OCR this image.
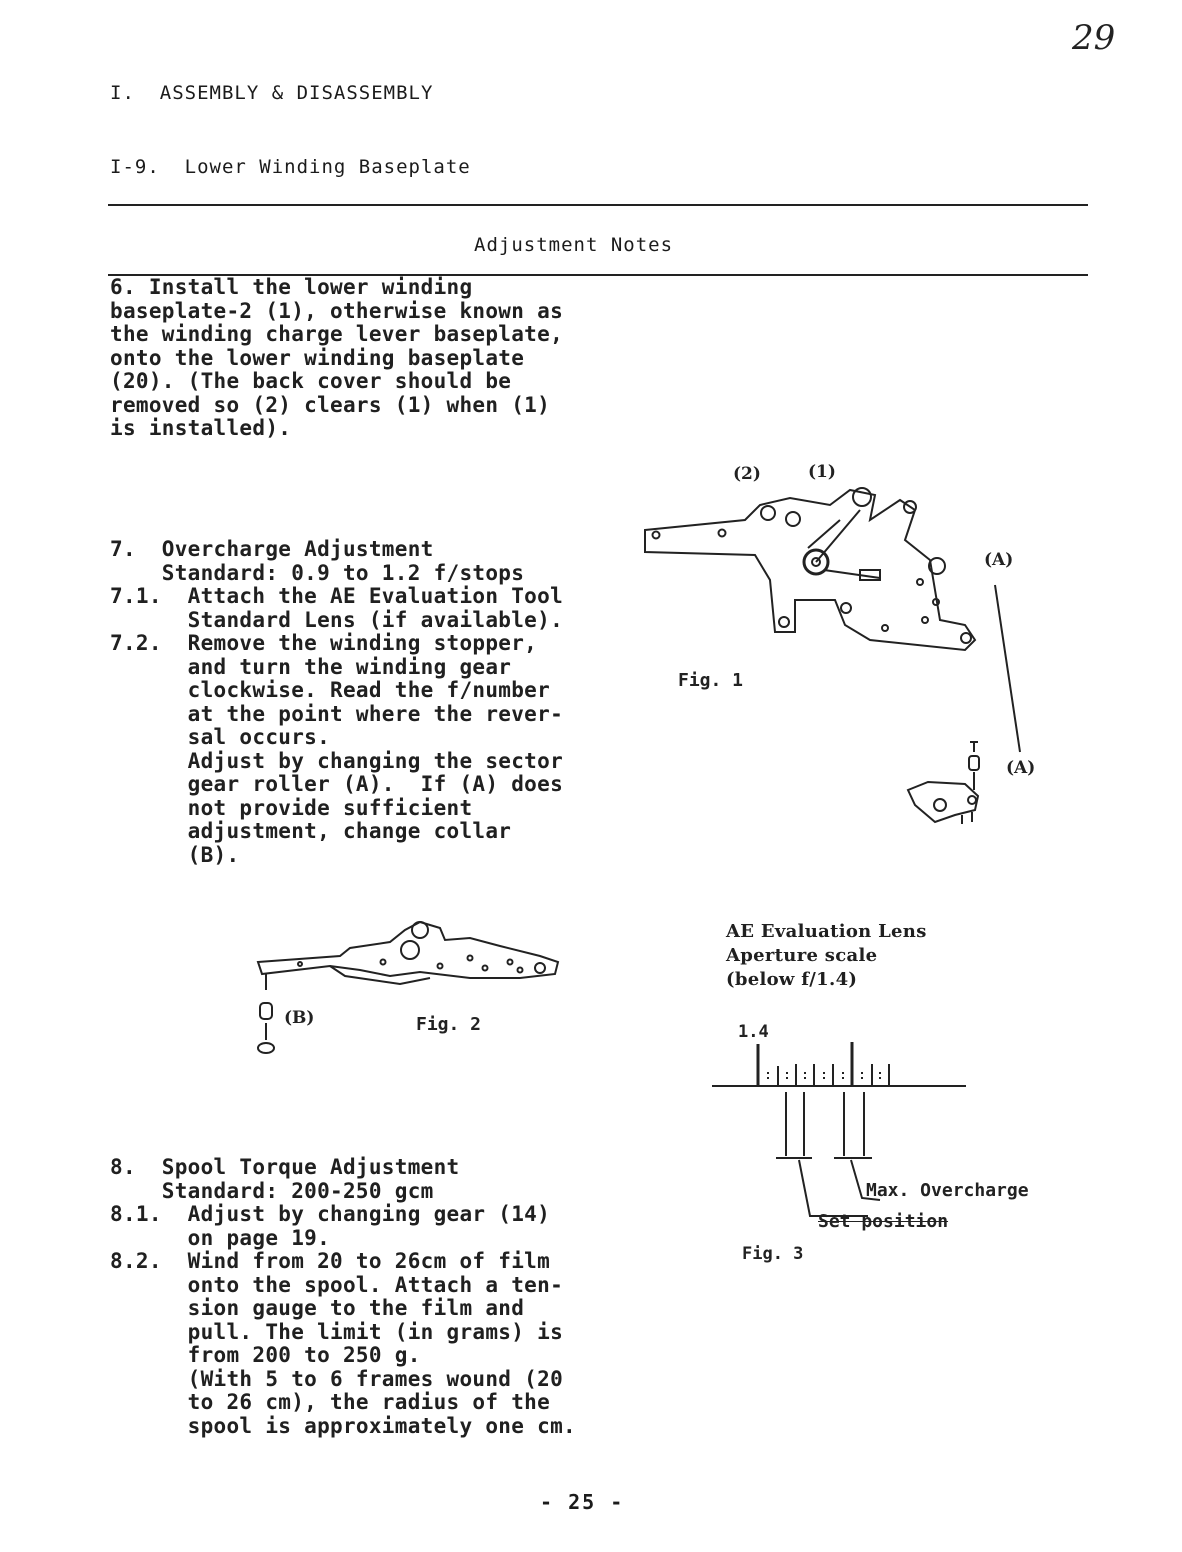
29
I.  ASSEMBLY & DISASSEMBLY
I-9.  Lower Winding Baseplate
Adjustment Notes
6. Install the lower winding
baseplate-2 (1), otherwise known as
the winding charge lever baseplate,
onto the lower winding baseplate
(20). (The back cover should be
removed so (2) clears (1) when (1)
is installed).
7.  Overcharge Adjustment
Standard: 0.9 to 1.2 f/stops
7.1.  Attach the AE Evaluation Tool
Standard Lens (if available).
7.2.  Remove the winding stopper,
and turn the winding gear
clockwise. Read the f/number
at the point where the rever-
sal occurs.
Adjust by changing the sector
gear roller (A).  If (A) does
not provide sufficient
adjustment, change collar
(B).
8.  Spool Torque Adjustment
Standard: 200-250 gcm
8.1.  Adjust by changing gear (14)
on page 19.
8.2.  Wind from 20 to 26cm of film
onto the spool. Attach a ten-
sion gauge to the film and
pull. The limit (in grams) is
from 200 to 250 g.
(With 5 to 6 frames wound (20
to 26 cm), the radius of the
spool is approximately one cm.
(2)	(1)
(A)
(A)
Fig. 1
(B)	Fig. 2
AE Evaluation Lens
Aperture scale
(below f/1.4)
1.4
Max. Overcharge
Set position
Fig. 3
- 25 -
